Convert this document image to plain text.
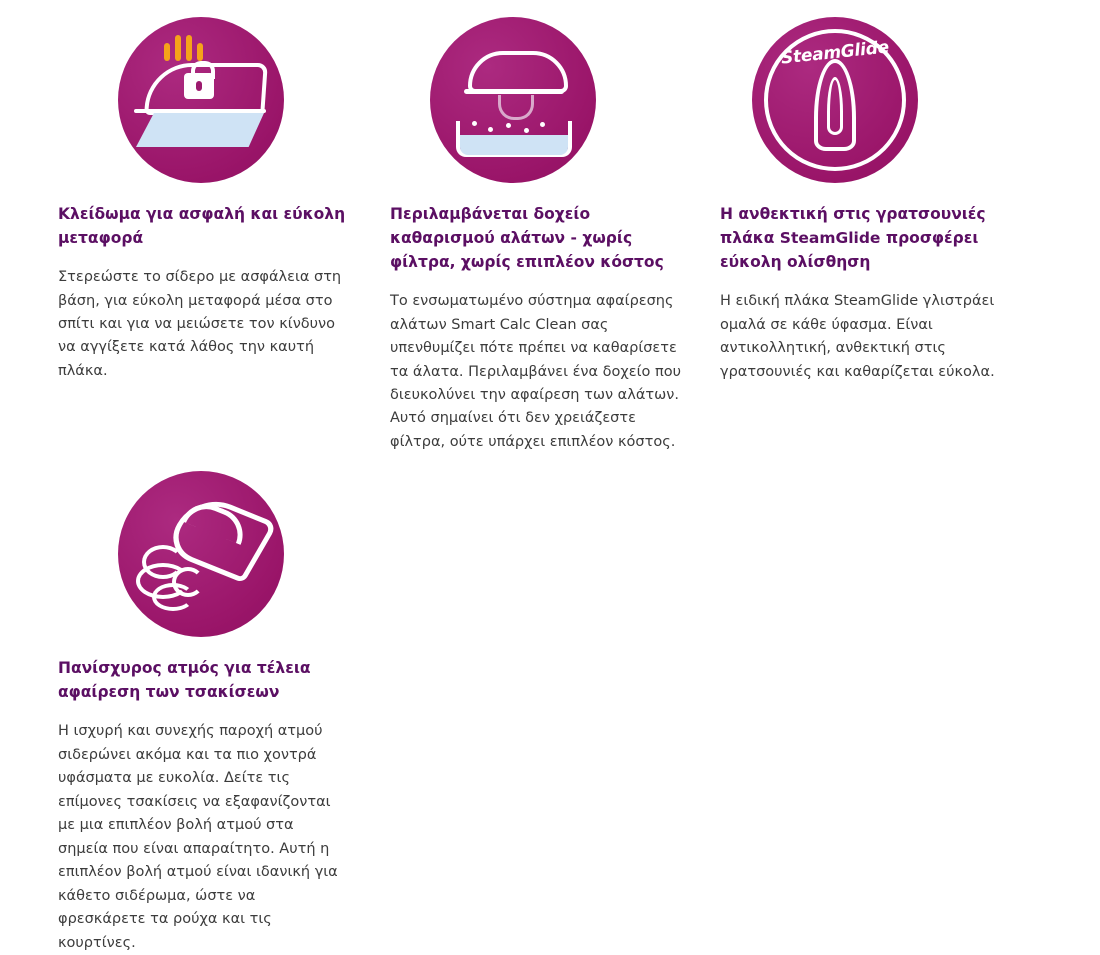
Κλείδωμα για ασφαλή και εύκολη μεταφορά
Στερεώστε το σίδερο με ασφάλεια στη βάση, για εύκολη μεταφορά μέσα στο σπίτι και για να μειώσετε τον κίνδυνο να αγγίξετε κατά λάθος την καυτή πλάκα.
Περιλαμβάνεται δοχείο καθαρισμού αλάτων - χωρίς φίλτρα, χωρίς επιπλέον κόστος
Το ενσωματωμένο σύστημα αφαίρεσης αλάτων Smart Calc Clean σας υπενθυμίζει πότε πρέπει να καθαρίσετε τα άλατα. Περιλαμβάνει ένα δοχείο που διευκολύνει την αφαίρεση των αλάτων. Αυτό σημαίνει ότι δεν χρειάζεστε φίλτρα, ούτε υπάρχει επιπλέον κόστος.
SteamGlide
Η ανθεκτική στις γρατσουνιές πλάκα SteamGlide προσφέρει εύκολη ολίσθηση
Η ειδική πλάκα SteamGlide γλιστράει ομαλά σε κάθε ύφασμα. Είναι αντικολλητική, ανθεκτική στις γρατσουνιές και καθαρίζεται εύκολα.
Πανίσχυρος ατμός για τέλεια αφαίρεση των τσακίσεων
Η ισχυρή και συνεχής παροχή ατμού σιδερώνει ακόμα και τα πιο χοντρά υφάσματα με ευκολία. Δείτε τις επίμονες τσακίσεις να εξαφανίζονται με μια επιπλέον βολή ατμού στα σημεία που είναι απαραίτητο. Αυτή η επιπλέον βολή ατμού είναι ιδανική για κάθετο σιδέρωμα, ώστε να φρεσκάρετε τα ρούχα και τις κουρτίνες.
